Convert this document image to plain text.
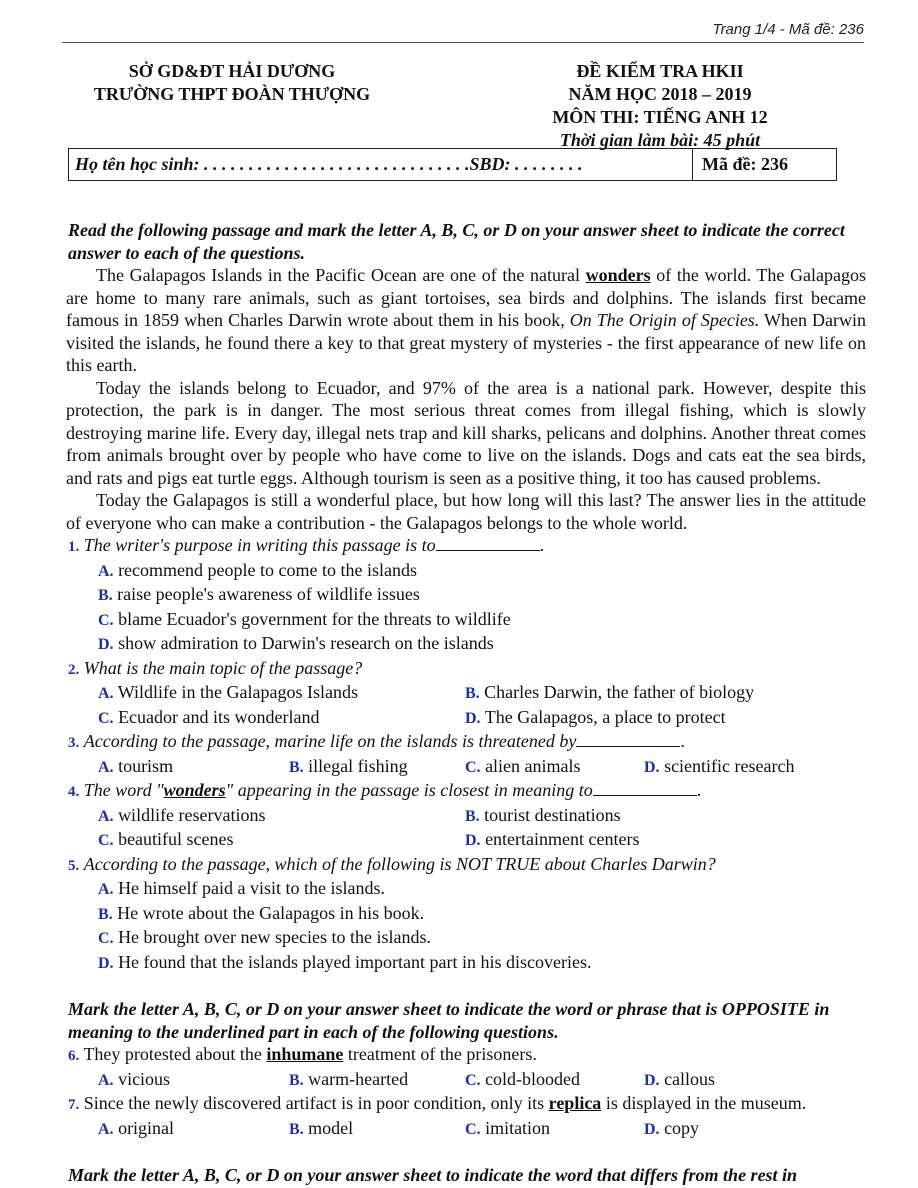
Trang 1/4 - Mã đề: 236
SỞ GD&ĐT HẢI DƯƠNG
TRƯỜNG THPT ĐOÀN THƯỢNG
ĐỀ KIỂM TRA HKII
NĂM HỌC 2018 – 2019
MÔN THI: TIẾNG ANH 12
Thời gian làm bài: 45 phút
Họ tên học sinh: . . . . . . . . . . . . . . . . . . . . . . . . . . . . . .SBD: . . . . . . . .	Mã đề: 236
Read the following passage and mark the letter A, B, C, or D on your answer sheet to indicate the correct answer to each of the questions.
The Galapagos Islands in the Pacific Ocean are one of the natural wonders of the world. The Galapagos are home to many rare animals, such as giant tortoises, sea birds and dolphins. The islands first became famous in 1859 when Charles Darwin wrote about them in his book, On The Origin of Species. When Darwin visited the islands, he found there a key to that great mystery of mysteries - the first appearance of new life on this earth.
Today the islands belong to Ecuador, and 97% of the area is a national park. However, despite this protection, the park is in danger. The most serious threat comes from illegal fishing, which is slowly destroying marine life. Every day, illegal nets trap and kill sharks, pelicans and dolphins. Another threat comes from animals brought over by people who have come to live on the islands. Dogs and cats eat the sea birds, and rats and pigs eat turtle eggs. Although tourism is seen as a positive thing, it too has caused problems.
Today the Galapagos is still a wonderful place, but how long will this last? The answer lies in the attitude of everyone who can make a contribution - the Galapagos belongs to the whole world.
1. The writer's purpose in writing this passage is to	.
A. recommend people to come to the islands
B. raise people's awareness of wildlife issues
C. blame Ecuador's government for the threats to wildlife
D. show admiration to Darwin's research on the islands
2. What is the main topic of the passage?
A. Wildlife in the Galapagos Islands	B. Charles Darwin, the father of biology
C. Ecuador and its wonderland	D. The Galapagos, a place to protect
3. According to the passage, marine life on the islands is threatened by	.
A. tourism	B. illegal fishing	C. alien animals	D. scientific research
4. The word "wonders" appearing in the passage is closest in meaning to	.
A. wildlife reservations	B. tourist destinations
C. beautiful scenes	D. entertainment centers
5. According to the passage, which of the following is NOT TRUE about Charles Darwin?
A. He himself paid a visit to the islands.
B. He wrote about the Galapagos in his book.
C. He brought over new species to the islands.
D. He found that the islands played important part in his discoveries.
Mark the letter A, B, C, or D on your answer sheet to indicate the word or phrase that is OPPOSITE in meaning to the underlined part in each of the following questions.
6. They protested about the inhumane treatment of the prisoners.
A. vicious	B. warm-hearted	C. cold-blooded	D. callous
7. Since the newly discovered artifact is in poor condition, only its replica is displayed in the museum.
A. original	B. model	C. imitation	D. copy
Mark the letter A, B, C, or D on your answer sheet to indicate the word that differs from the rest in
